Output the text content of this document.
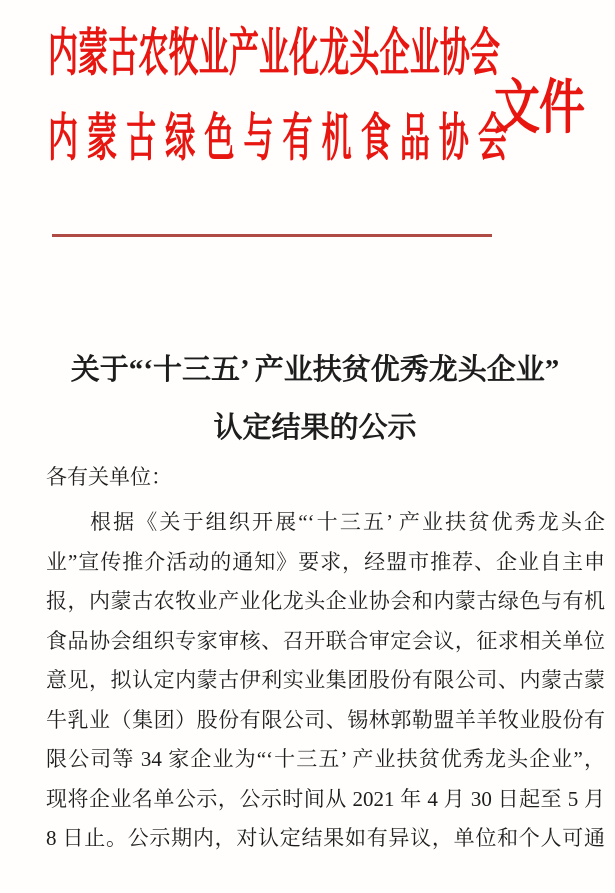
内蒙古农牧业产业化龙头企业协会
内蒙古绿色与有机食品协会
文件
关于“‘十三五’ 产业扶贫优秀龙头企业”
认定结果的公示
各有关单位：
根据《关于组织开展“‘十三五’ 产业扶贫优秀龙头企
业”宣传推介活动的通知》要求，经盟市推荐、企业自主申
报，内蒙古农牧业产业化龙头企业协会和内蒙古绿色与有机
食品协会组织专家审核、召开联合审定会议，征求相关单位
意见，拟认定内蒙古伊利实业集团股份有限公司、内蒙古蒙
牛乳业（集团）股份有限公司、锡林郭勒盟羊羊牧业股份有
限公司等 34 家企业为“‘十三五’ 产业扶贫优秀龙头企业”，
现将企业名单公示，公示时间从 2021 年 4 月 30 日起至 5 月
8 日止。公示期内，对认定结果如有异议，单位和个人可通
